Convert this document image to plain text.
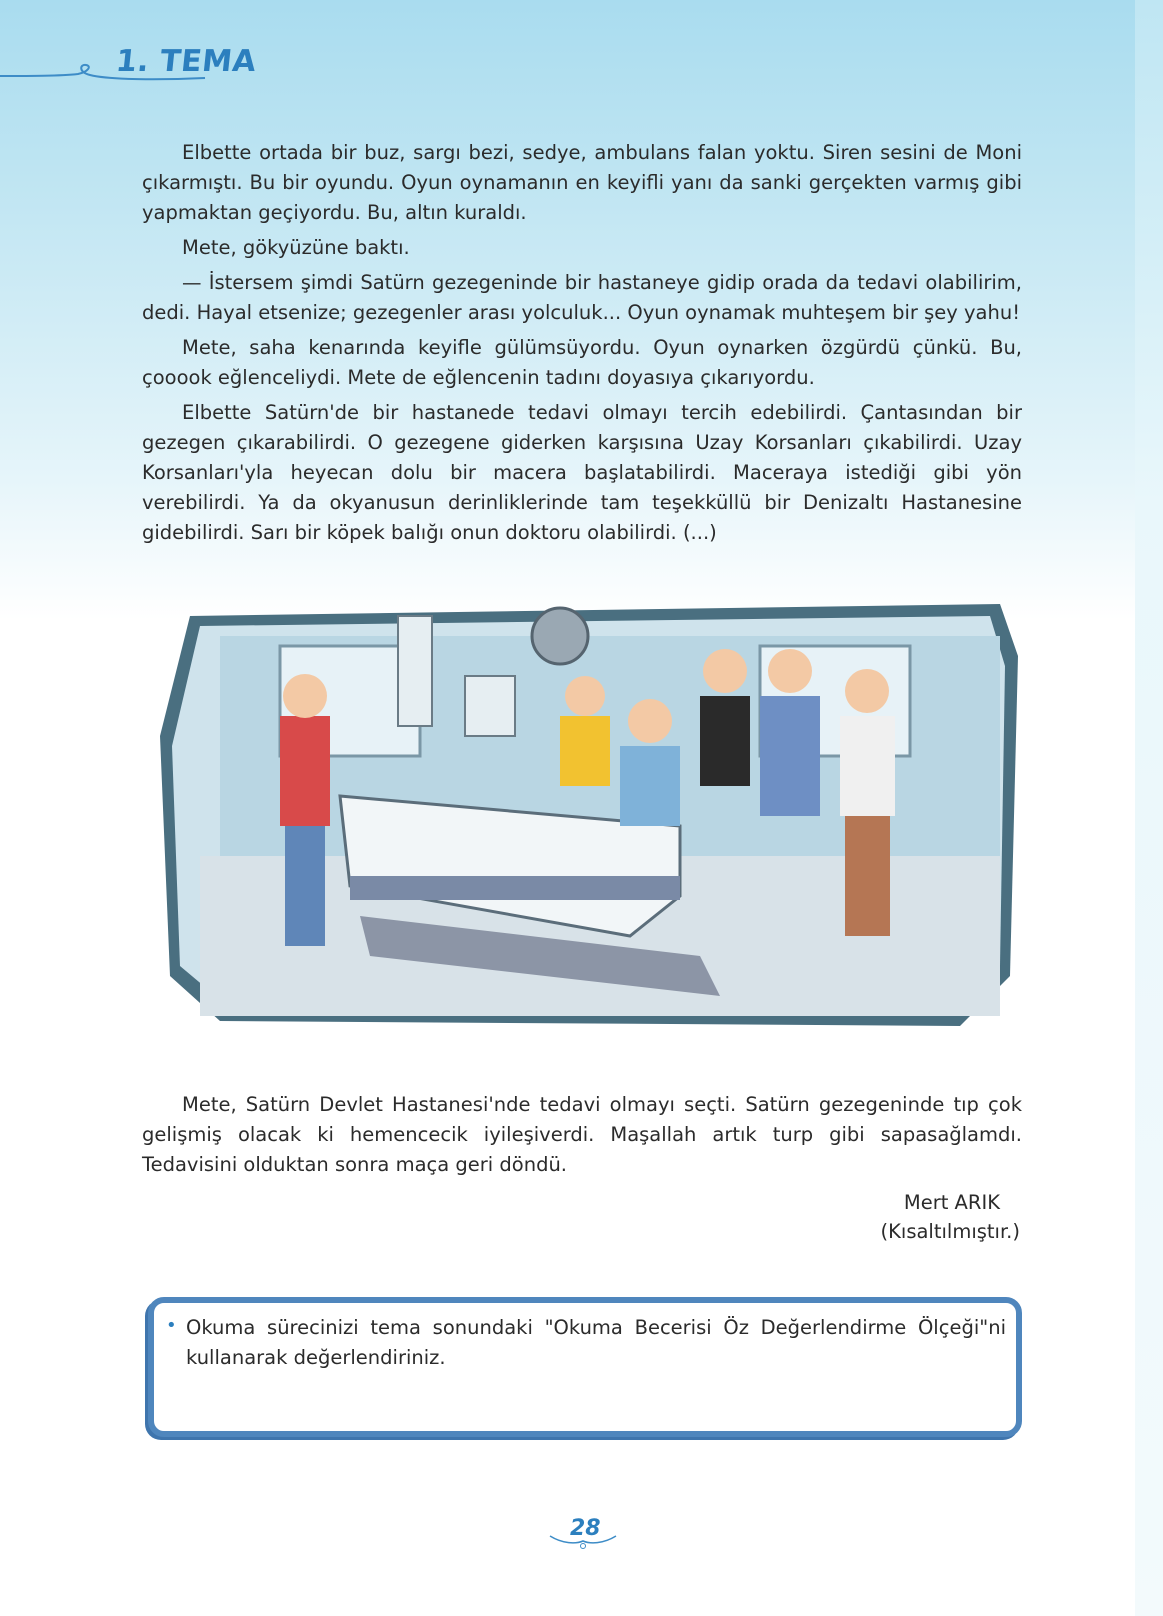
1. TEMA

Elbette ortada bir buz, sargı bezi, sedye, ambulans falan yoktu. Siren sesini de Moni çıkarmıştı. Bu bir oyundu. Oyun oynamanın en keyifli yanı da sanki gerçekten varmış gibi yapmaktan geçiyordu. Bu, altın kuraldı.

Mete, gökyüzüne baktı.

— İstersem şimdi Satürn gezegeninde bir hastaneye gidip orada da tedavi olabilirim, dedi. Hayal etsenize; gezegenler arası yolculuk... Oyun oynamak muhteşem bir şey yahu!

Mete, saha kenarında keyifle gülümsüyordu. Oyun oynarken özgürdü çünkü. Bu, çooook eğlenceliydi. Mete de eğlencenin tadını doyasıya çıkarıyordu.

Elbette Satürn'de bir hastanede tedavi olmayı tercih edebilirdi. Çantasından bir gezegen çıkarabilirdi. O gezegene giderken karşısına Uzay Korsanları çıkabilirdi. Uzay Korsanları'yla heyecan dolu bir macera başlatabilirdi. Maceraya istediği gibi yön verebilirdi. Ya da okyanusun derinliklerinde tam teşekküllü bir Denizaltı Hastanesine gidebilirdi. Sarı bir köpek balığı onun doktoru olabilirdi. (...)

Mete, Satürn Devlet Hastanesi'nde tedavi olmayı seçti. Satürn gezegeninde tıp çok gelişmiş olacak ki hemencecik iyileşiverdi. Maşallah artık turp gibi sapasağlamdı. Tedavisini olduktan sonra maça geri döndü.

Mert ARIK
(Kısaltılmıştır.)
• Okuma sürecinizi tema sonundaki "Okuma Becerisi Öz Değerlendirme Ölçeği"ni kullanarak değerlendiriniz.
28
